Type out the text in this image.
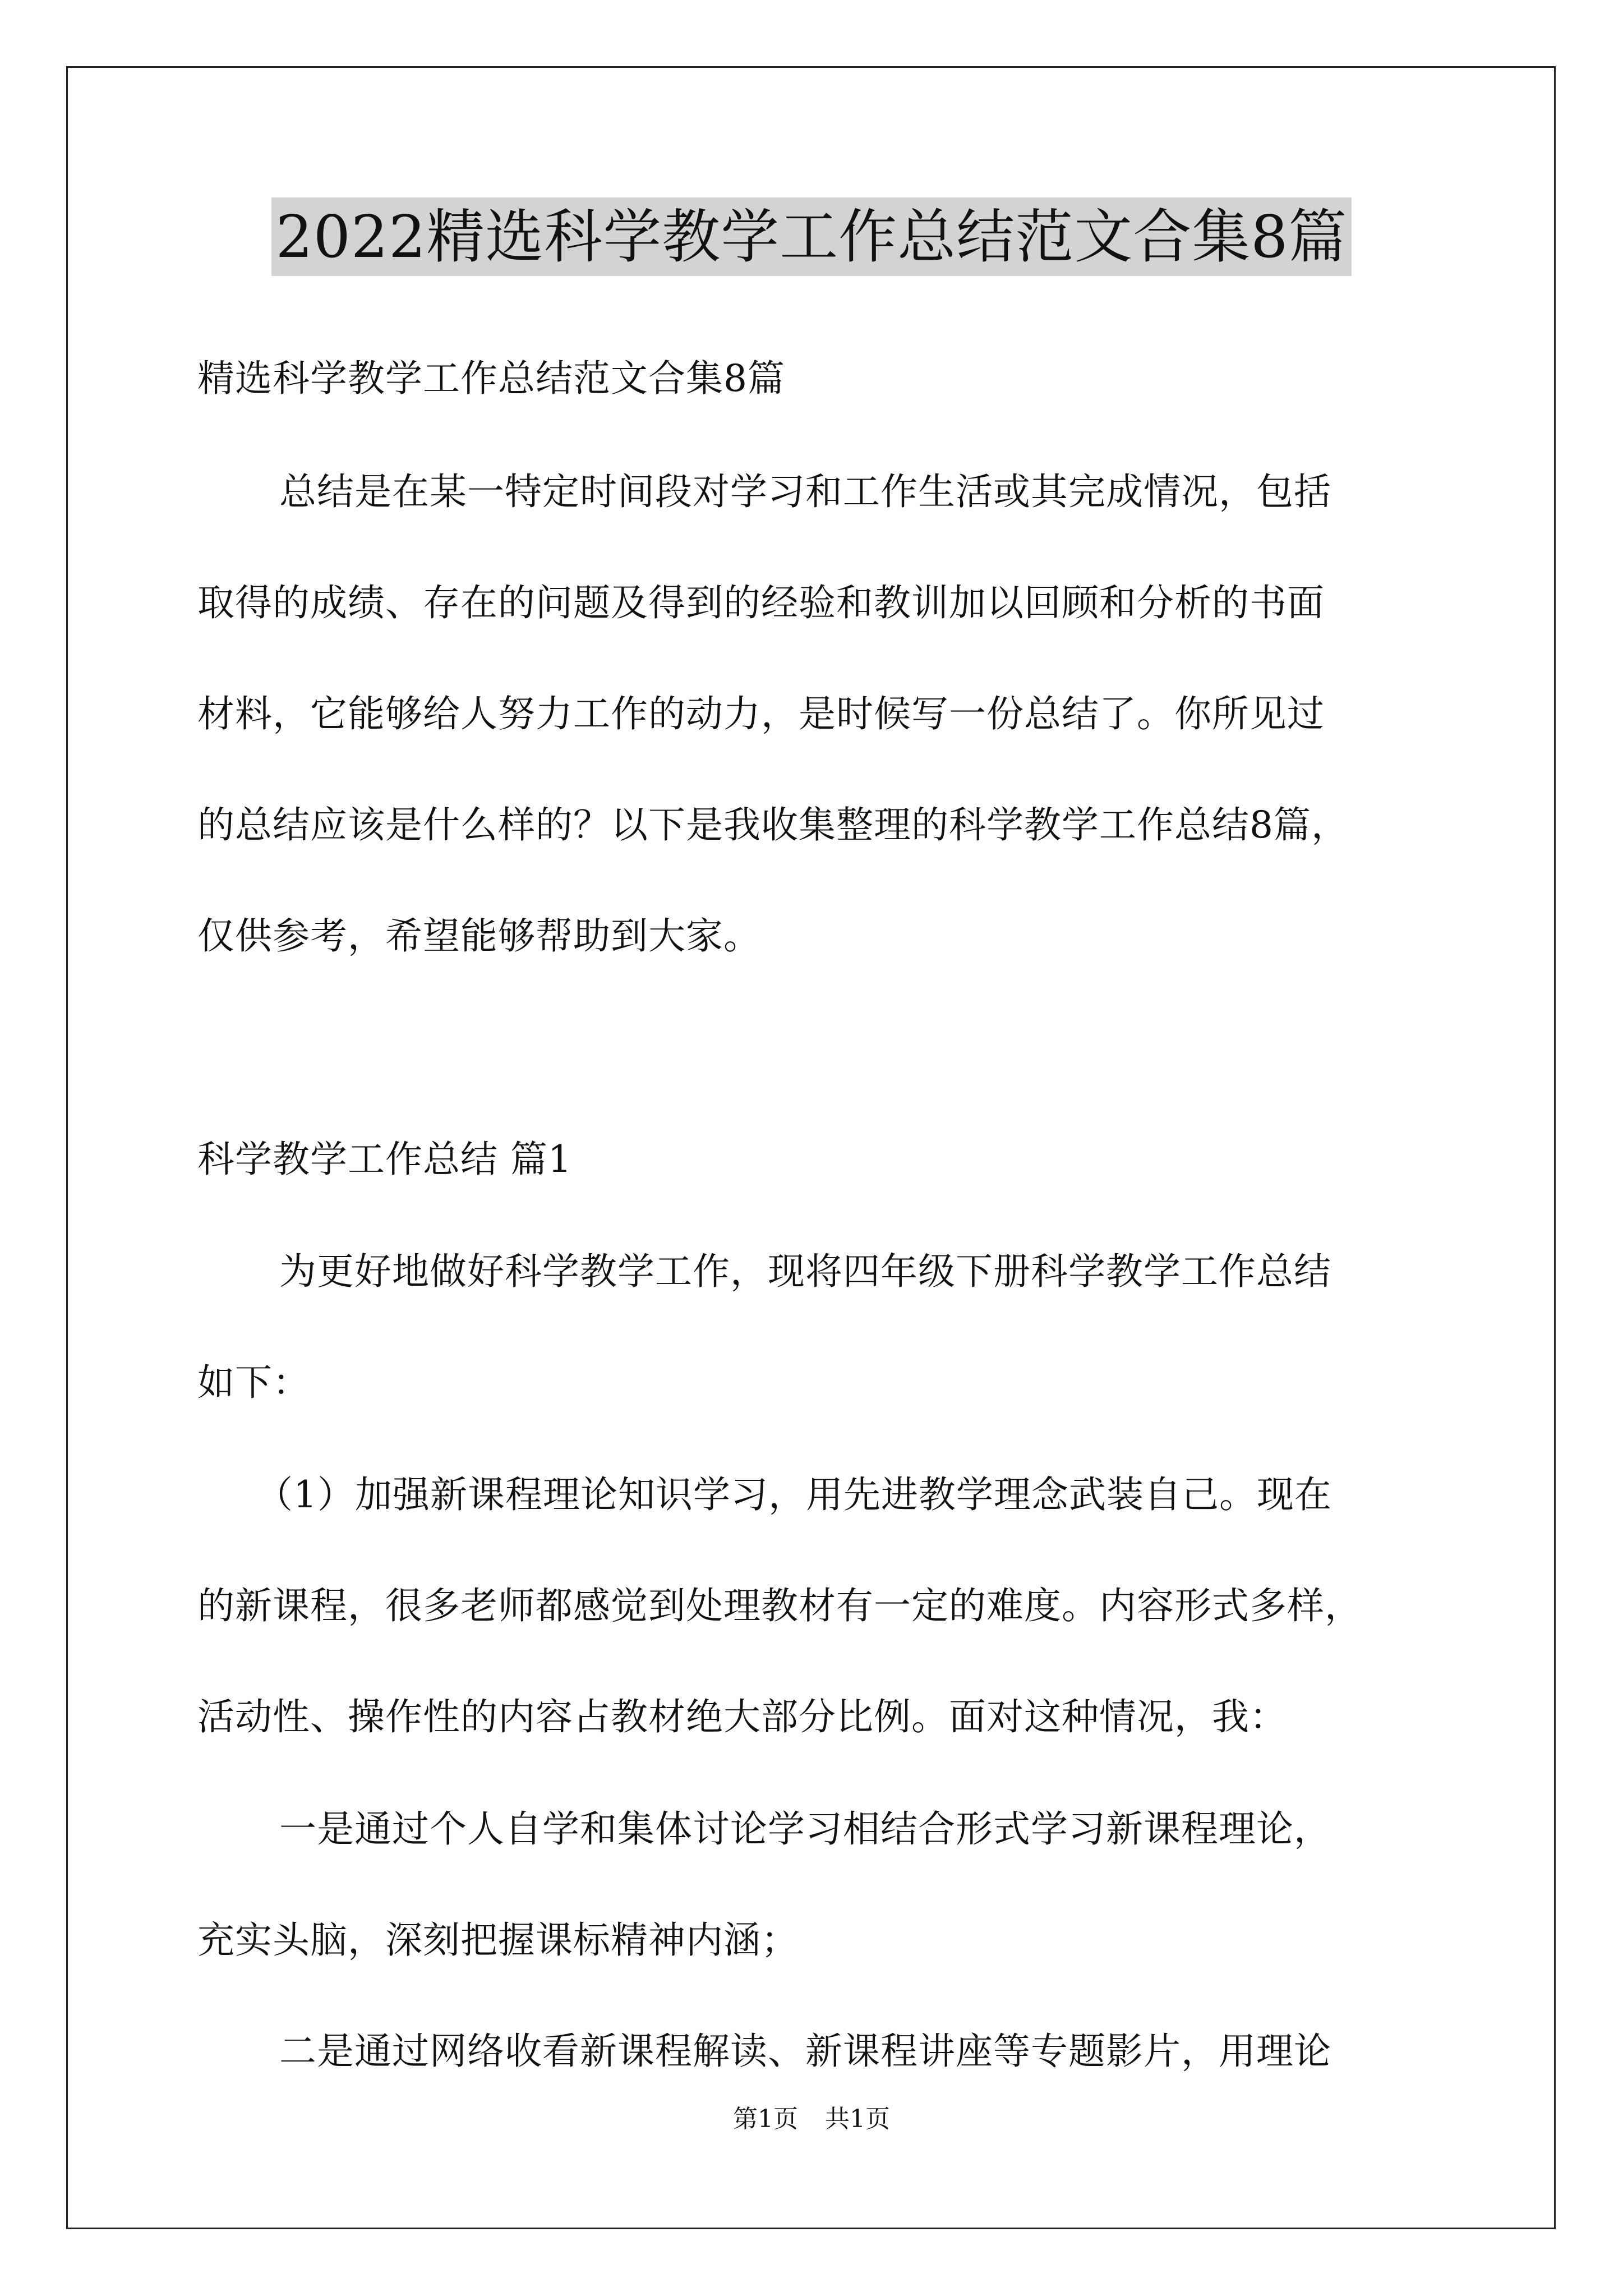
2022精选科学教学工作总结范文合集8篇
精选科学教学工作总结范文合集8篇
总结是在某一特定时间段对学习和工作生活或其完成情况，包括
取得的成绩、存在的问题及得到的经验和教训加以回顾和分析的书面
材料，它能够给人努力工作的动力，是时候写一份总结了。你所见过
的总结应该是什么样的？以下是我收集整理的科学教学工作总结8篇，
仅供参考，希望能够帮助到大家。
科学教学工作总结 篇1
为更好地做好科学教学工作，现将四年级下册科学教学工作总结
如下：
（1）加强新课程理论知识学习，用先进教学理念武装自己。现在
的新课程，很多老师都感觉到处理教材有一定的难度。内容形式多样，
活动性、操作性的内容占教材绝大部分比例。面对这种情况，我：
一是通过个人自学和集体讨论学习相结合形式学习新课程理论，
充实头脑，深刻把握课标精神内涵；
二是通过网络收看新课程解读、新课程讲座等专题影片，用理论
第1页 共1页
